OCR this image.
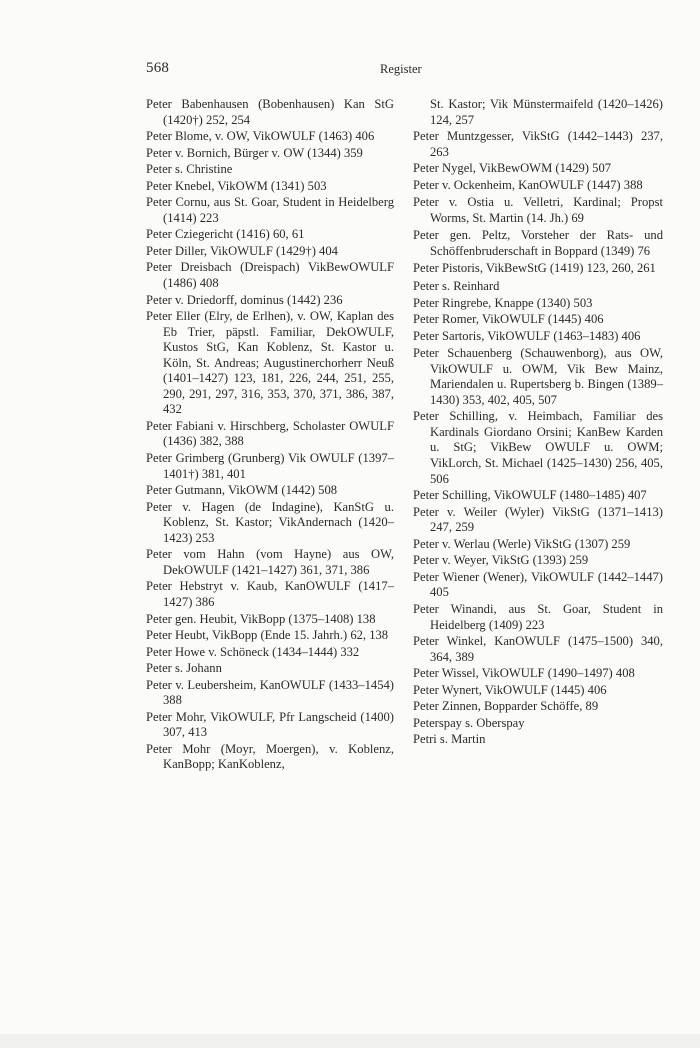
568	Register

Peter Babenhausen (Bobenhausen) Kan StG (1420†) 252, 254

Peter Blome, v. OW, VikOWULF (1463) 406

Peter v. Bornich, Bürger v. OW (1344) 359

Peter s. Christine

Peter Knebel, VikOWM (1341) 503

Peter Cornu, aus St. Goar, Student in Heidelberg (1414) 223

Peter Cziegericht (1416) 60, 61

Peter Diller, VikOWULF (1429†) 404

Peter Dreisbach (Dreispach) VikBewOWULF (1486) 408

Peter v. Driedorff, dominus (1442) 236

Peter Eller (Elry, de Erlhen), v. OW, Kaplan des Eb Trier, päpstl. Familiar, DekOWULF, Kustos StG, Kan Koblenz, St. Kastor u. Köln, St. Andreas; Augustinerchorherr Neuß (1401–1427) 123, 181, 226, 244, 251, 255, 290, 291, 297, 316, 353, 370, 371, 386, 387, 432

Peter Fabiani v. Hirschberg, Scholaster OWULF (1436) 382, 388

Peter Grimberg (Grunberg) Vik OWULF (1397–1401†) 381, 401

Peter Gutmann, VikOWM (1442) 508

Peter v. Hagen (de Indagine), KanStG u. Koblenz, St. Kastor; VikAndernach (1420–1423) 253

Peter vom Hahn (vom Hayne) aus OW, DekOWULF (1421–1427) 361, 371, 386

Peter Hebstryt v. Kaub, KanOWULF (1417–1427) 386

Peter gen. Heubit, VikBopp (1375–1408) 138

Peter Heubt, VikBopp (Ende 15. Jahrh.) 62, 138

Peter Howe v. Schöneck (1434–1444) 332

Peter s. Johann

Peter v. Leubersheim, KanOWULF (1433–1454) 388

Peter Mohr, VikOWULF, Pfr Langscheid (1400) 307, 413

Peter Mohr (Moyr, Moergen), v. Koblenz, KanBopp; KanKoblenz,

St. Kastor; Vik Münstermaifeld (1420–1426) 124, 257

Peter Muntzgesser, VikStG (1442–1443) 237, 263

Peter Nygel, VikBewOWM (1429) 507

Peter v. Ockenheim, KanOWULF (1447) 388

Peter v. Ostia u. Velletri, Kardinal; Propst Worms, St. Martin (14. Jh.) 69

Peter gen. Peltz, Vorsteher der Rats- und Schöffenbruderschaft in Boppard (1349) 76

Peter Pistoris, VikBewStG (1419) 123, 260, 261

Peter s. Reinhard

Peter Ringrebe, Knappe (1340) 503

Peter Romer, VikOWULF (1445) 406

Peter Sartoris, VikOWULF (1463–1483) 406

Peter Schauenberg (Schauwenborg), aus OW, VikOWULF u. OWM, Vik Bew Mainz, Mariendalen u. Rupertsberg b. Bingen (1389–1430) 353, 402, 405, 507

Peter Schilling, v. Heimbach, Familiar des Kardinals Giordano Orsini; KanBew Karden u. StG; VikBew OWULF u. OWM; VikLorch, St. Michael (1425–1430) 256, 405, 506

Peter Schilling, VikOWULF (1480–1485) 407

Peter v. Weiler (Wyler) VikStG (1371–1413) 247, 259

Peter v. Werlau (Werle) VikStG (1307) 259

Peter v. Weyer, VikStG (1393) 259

Peter Wiener (Wener), VikOWULF (1442–1447) 405

Peter Winandi, aus St. Goar, Student in Heidelberg (1409) 223

Peter Winkel, KanOWULF (1475–1500) 340, 364, 389

Peter Wissel, VikOWULF (1490–1497) 408

Peter Wynert, VikOWULF (1445) 406

Peter Zinnen, Bopparder Schöffe, 89

Peterspay s. Oberspay

Petri s. Martin
